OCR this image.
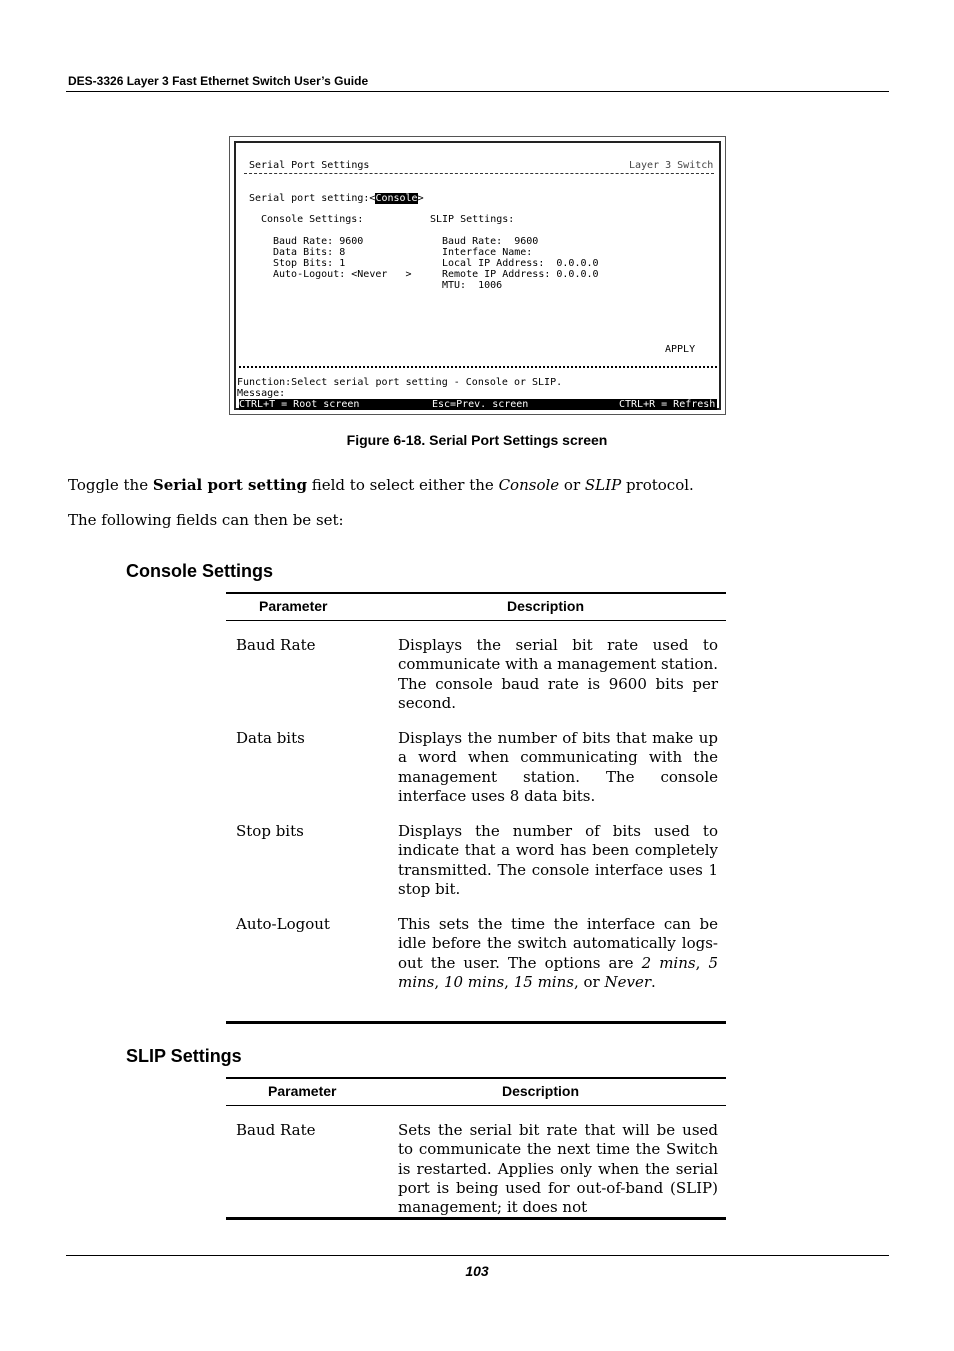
DES-3326 Layer 3 Fast Ethernet Switch User’s Guide
Serial Port Settings	Layer 3 Switch
Serial port setting:<Console>
Console Settings:	SLIP Settings:
Baud Rate: 9600
Data Bits: 8
Stop Bits: 1
Auto-Logout: <Never   >
Baud Rate:  9600
Interface Name:
Local IP Address:  0.0.0.0
Remote IP Address: 0.0.0.0
MTU:  1006
APPLY
Function:Select serial port setting - Console or SLIP.
Message:
CTRL+T = Root screen	Esc=Prev. screen	CTRL+R = Refresh
Figure 6-18. Serial Port Settings screen
Toggle the Serial port setting field to select either the Console or SLIP protocol.
The following fields can then be set:
Console Settings
Parameter	Description
Baud Rate	Displays the serial bit rate used to communicate with a management station. The console baud rate is 9600 bits per second.
Data bits	Displays the number of bits that make up a word when communicating with the management station. The console interface uses 8 data bits.
Stop bits	Displays the number of bits used to indicate that a word has been completely transmitted. The console interface uses 1 stop bit.
Auto-Logout	This sets the time the interface can be idle before the switch automatically logs-out the user. The options are 2 mins, 5 mins, 10 mins, 15 mins, or Never.
SLIP Settings
Parameter	Description
Baud Rate	Sets the serial bit rate that will be used to communicate the next time the Switch is restarted. Applies only when the serial port is being used for out-of-band (SLIP) management; it does not
103
